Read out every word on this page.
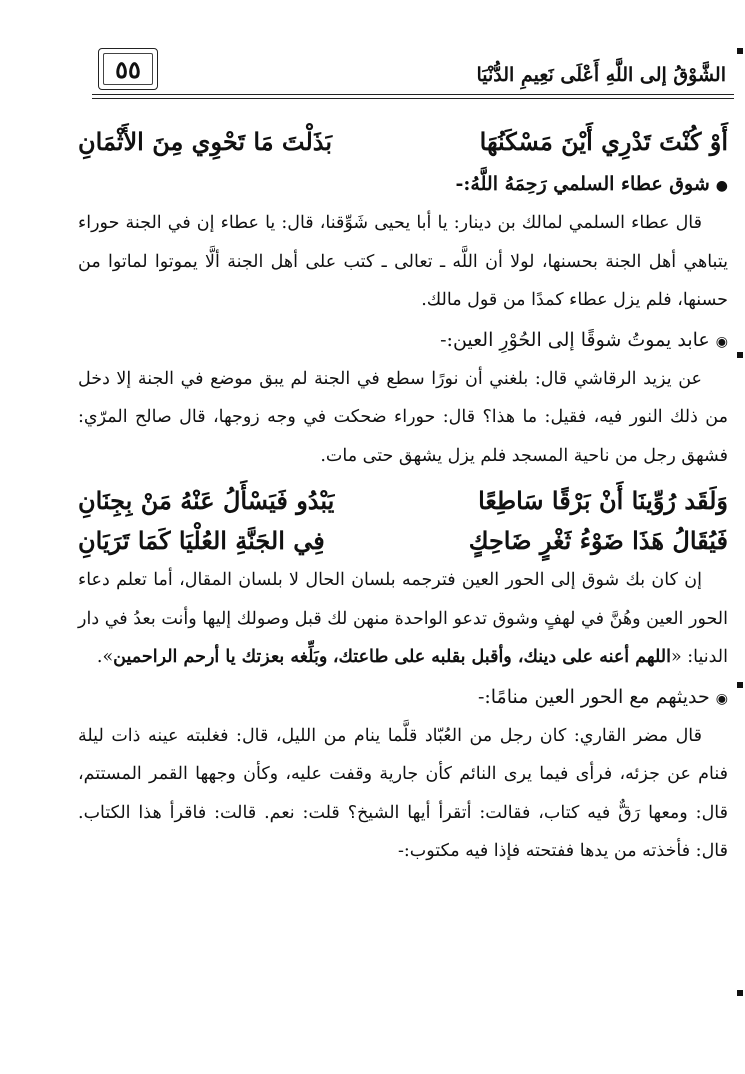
٥٥	الشَّوْقُ إلى اللَّهِ أَعْلَى نَعِيمِ الدُّنْيَا
أَوْ كُنْتَ تَدْرِي أَيْنَ مَسْكَنُهَا
بَذَلْتَ مَا تَحْوِي مِنَ الأَثْمَانِ
●شوق عطاء السلمي رَحِمَهُ اللَّهُ:-

قال عطاء السلمي لمالك بن دينار: يا أبا يحيى شَوِّقنا، قال: يا عطاء إن في الجنة حوراء يتباهي أهل الجنة بحسنها، لولا أن اللَّه ـ تعالى ـ كتب على أهل الجنة ألَّا يموتوا لماتوا من حسنها، فلم يزل عطاء كمدًا من قول مالك.

◉عابد يموتُ شوقًا إلى الحُوْرِ العين:-

عن يزيد الرقاشي قال: بلغني أن نورًا سطع في الجنة لم يبق موضع في الجنة إلا دخل من ذلك النور فيه، فقيل: ما هذا؟ قال: حوراء ضحكت في وجه زوجها، قال صالح المرّي: فشهق رجل من ناحية المسجد فلم يزل يشهق حتى مات.

وَلَقَد رُوِّينَا أَنْ بَرْقًا سَاطِعًا
يَبْدُو فَيَسْأَلُ عَنْهُ مَنْ بِجِنَانِ
فَيُقَالُ هَذَا ضَوْءُ ثَغْرٍ ضَاحِكٍ
فِي الجَنَّةِ العُلْيَا كَمَا تَرَيَانِ

إن كان بك شوق إلى الحور العين فترجمه بلسان الحال لا بلسان المقال، أما تعلم دعاء الحور العين وهُنَّ في لهفٍ وشوق تدعو الواحدة منهن لك قبل وصولك إليها وأنت بعدُ في دار الدنيا: «اللهم أعنه على دينك، وأقبل بقلبه على طاعتك، وبَلِّغه بعزتك يا أرحم الراحمين».

◉حديثهم مع الحور العين منامًا:-

قال مضر القاري: كان رجل من العُبّاد قلَّما ينام من الليل، قال: فغلبته عينه ذات ليلة فنام عن جزئه، فرأى فيما يرى النائم كأن جارية وقفت عليه، وكأن وجهها القمر المستتم، قال: ومعها رَقٌّ فيه كتاب، فقالت: أتقرأ أيها الشيخ؟ قلت: نعم. قالت: فاقرأ هذا الكتاب. قال: فأخذته من يدها ففتحته فإذا فيه مكتوب:-
